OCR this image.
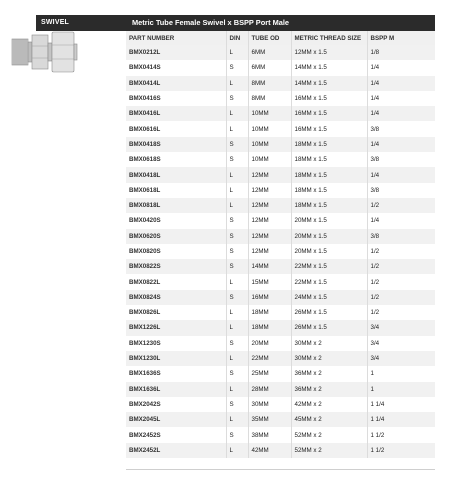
SWIVEL	Metric Tube Female Swivel x BSPP Port Male
PART NUMBER	DIN	TUBE OD	METRIC THREAD SIZE	BSPP M
BMX0212L	L	6MM	12MM x 1.5	1/8
BMX0414S	S	6MM	14MM x 1.5	1/4
BMX0414L	L	8MM	14MM x 1.5	1/4
BMX0416S	S	8MM	16MM x 1.5	1/4
BMX0416L	L	10MM	16MM x 1.5	1/4
BMX0616L	L	10MM	16MM x 1.5	3/8
BMX0418S	S	10MM	18MM x 1.5	1/4
BMX0618S	S	10MM	18MM x 1.5	3/8
BMX0418L	L	12MM	18MM x 1.5	1/4
BMX0618L	L	12MM	18MM x 1.5	3/8
BMX0818L	L	12MM	18MM x 1.5	1/2
BMX0420S	S	12MM	20MM x 1.5	1/4
BMX0620S	S	12MM	20MM x 1.5	3/8
BMX0820S	S	12MM	20MM x 1.5	1/2
BMX0822S	S	14MM	22MM x 1.5	1/2
BMX0822L	L	15MM	22MM x 1.5	1/2
BMX0824S	S	16MM	24MM x 1.5	1/2
BMX0826L	L	18MM	26MM x 1.5	1/2
BMX1226L	L	18MM	26MM x 1.5	3/4
BMX1230S	S	20MM	30MM x 2	3/4
BMX1230L	L	22MM	30MM x 2	3/4
BMX1636S	S	25MM	36MM x 2	1
BMX1636L	L	28MM	36MM x 2	1
BMX2042S	S	30MM	42MM x 2	1 1/4
BMX2045L	L	35MM	45MM x 2	1 1/4
BMX2452S	S	38MM	52MM x 2	1 1/2
BMX2452L	L	42MM	52MM x 2	1 1/2
